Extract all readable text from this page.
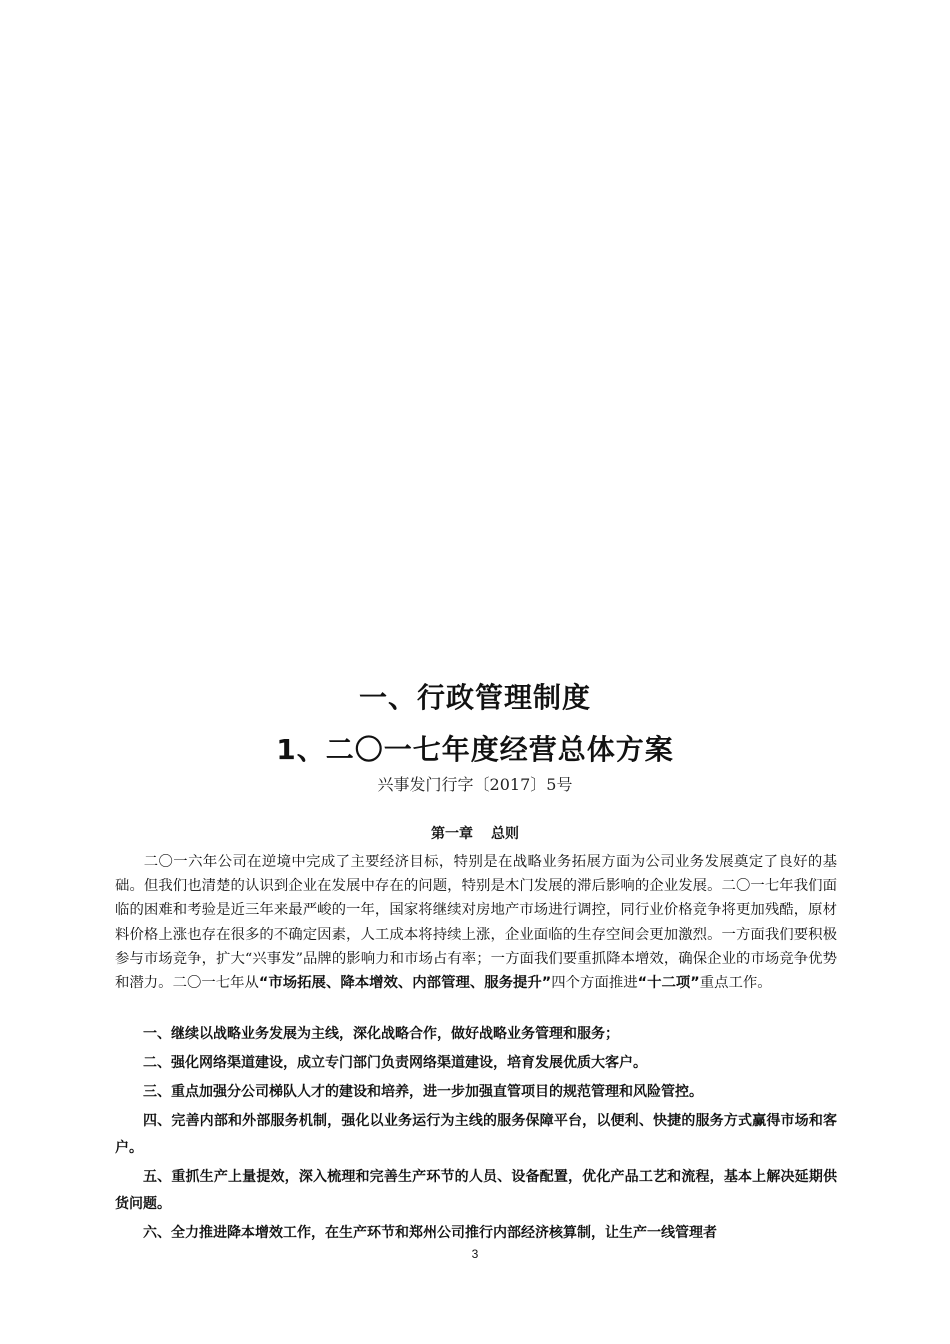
一、行政管理制度
1、二〇一七年度经营总体方案
兴事发门行字〔2017〕5号
第一章 总则

二〇一六年公司在逆境中完成了主要经济目标，特别是在战略业务拓展方面为公司业务发展奠定了良好的基础。但我们也清楚的认识到企业在发展中存在的问题，特别是木门发展的滞后影响的企业发展。二〇一七年我们面临的困难和考验是近三年来最严峻的一年，国家将继续对房地产市场进行调控，同行业价格竞争将更加残酷，原材料价格上涨也存在很多的不确定因素，人工成本将持续上涨，企业面临的生存空间会更加激烈。一方面我们要积极参与市场竞争，扩大“兴事发”品牌的影响力和市场占有率；一方面我们要重抓降本增效，确保企业的市场竞争优势和潜力。二〇一七年从“市场拓展、降本增效、内部管理、服务提升”四个方面推进“十二项”重点工作。

一、继续以战略业务发展为主线，深化战略合作，做好战略业务管理和服务；
二、强化网络渠道建设，成立专门部门负责网络渠道建设，培育发展优质大客户。
三、重点加强分公司梯队人才的建设和培养，进一步加强直管项目的规范管理和风险管控。
四、完善内部和外部服务机制，强化以业务运行为主线的服务保障平台，以便利、快捷的服务方式赢得市场和客户。
五、重抓生产上量提效，深入梳理和完善生产环节的人员、设备配置，优化产品工艺和流程，基本上解决延期供货问题。
六、全力推进降本增效工作，在生产环节和郑州公司推行内部经济核算制，让生产一线管理者
3
